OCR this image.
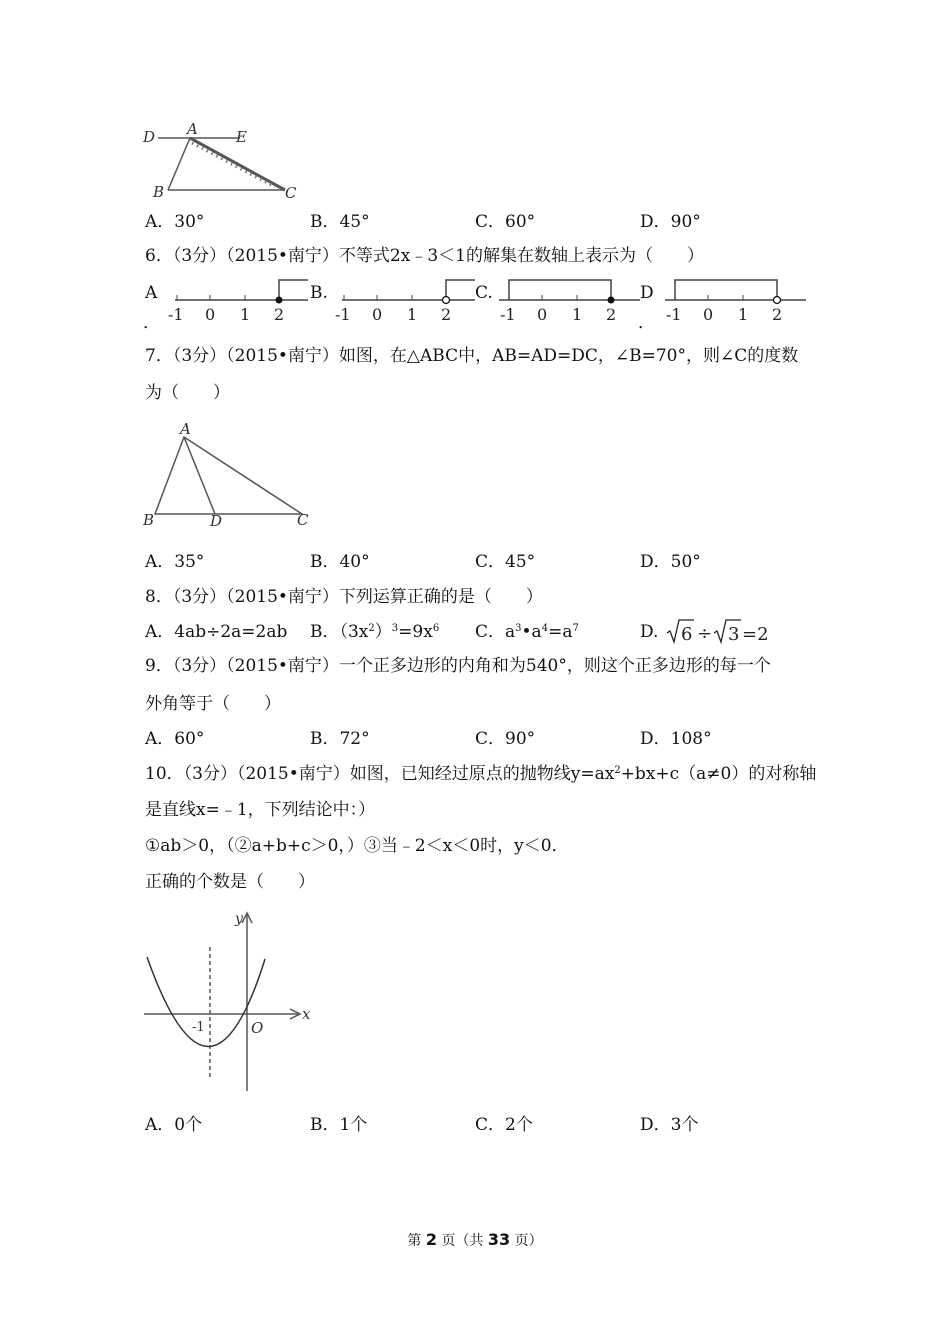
D A	E
B	C
A．30°	B．45°	C．60°	D．90°
6．（3分）（2015•南宁）不等式2x﹣3＜1的解集在数轴上表示为（　　）
A
．
B.	C.	D
．
-1 0 1 2	-1 0 1 2	-1 0 1 2	-1 0 1 2
7．（3分）（2015•南宁）如图，在△ABC中，AB=AD=DC，∠B=70°，则∠C的度数
为（　　）
A
B	D	C
A．35°	B．40°	C．45°	D．50°
8．（3分）（2015•南宁）下列运算正确的是（　　）
A．4ab÷2a=2ab B．$(3x^2)^3=9x^6$ C．$a^3•a^4=a^7$	D. 6 ÷ 3 =2
9．（3分）（2015•南宁）一个正多边形的内角和为540°，则这个正多边形的每一个
外角等于（　　）
A．60°	B．72°	C．90°	D．108°
10．（3分）（2015•南宁）如图，已知经过原点的抛物线$y=ax^2+bx+c(a\ne 0)$的对称轴
是直线x=﹣1，下列结论中：）
①ab＞0，（②a+b+c＞0，）③当﹣2＜x＜0时，y＜0．
正确的个数是（　　）
y
x
O
-1
A．0个	B．1个	C．2个	D．3个
第 2 页（共 33 页）
